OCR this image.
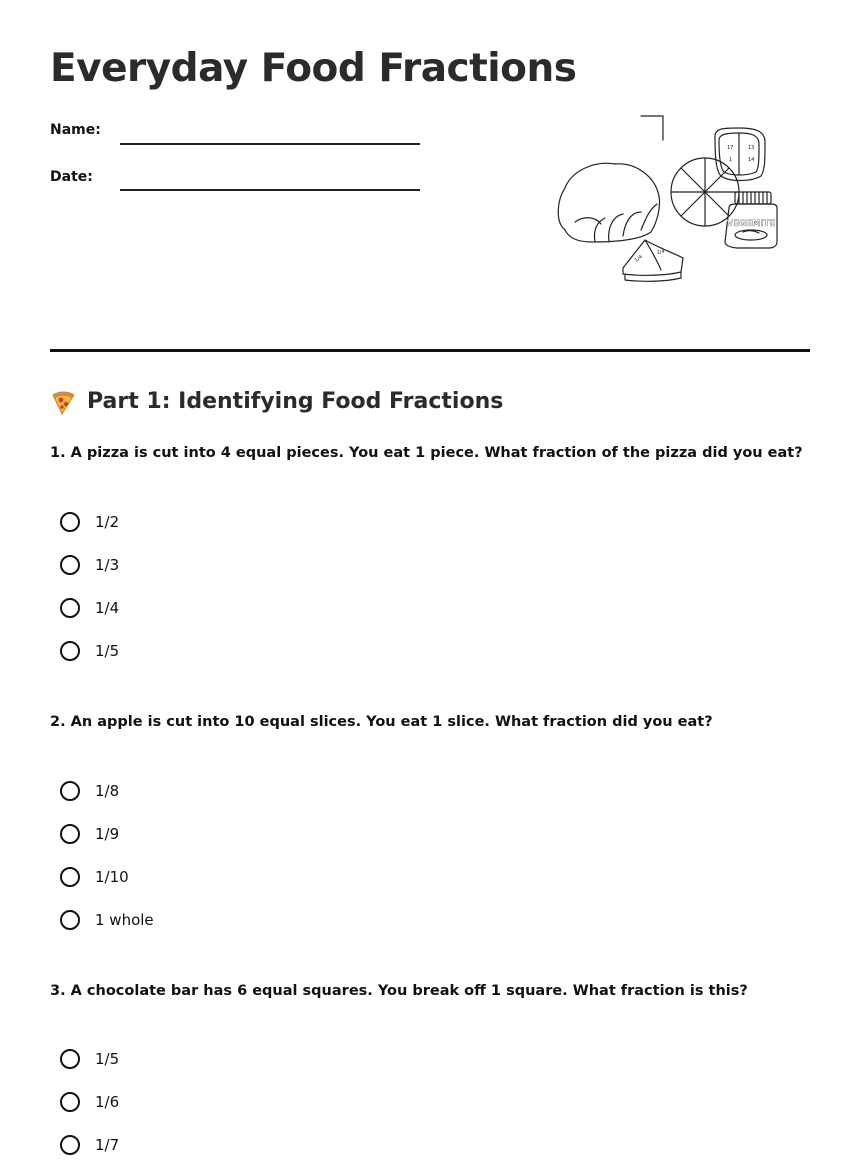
Everyday Food Fractions
Name:
Date:
17	13
1	14
VEGEMITE
1/4
1/4
Part 1: Identifying Food Fractions

1. A pizza is cut into 4 equal pieces. You eat 1 piece. What fraction of the pizza did you eat?

1/2
1/3
1/4
1/5

2. An apple is cut into 10 equal slices. You eat 1 slice. What fraction did you eat?

1/8
1/9
1/10
1 whole

3. A chocolate bar has 6 equal squares. You break off 1 square. What fraction is this?

1/5
1/6
1/7
